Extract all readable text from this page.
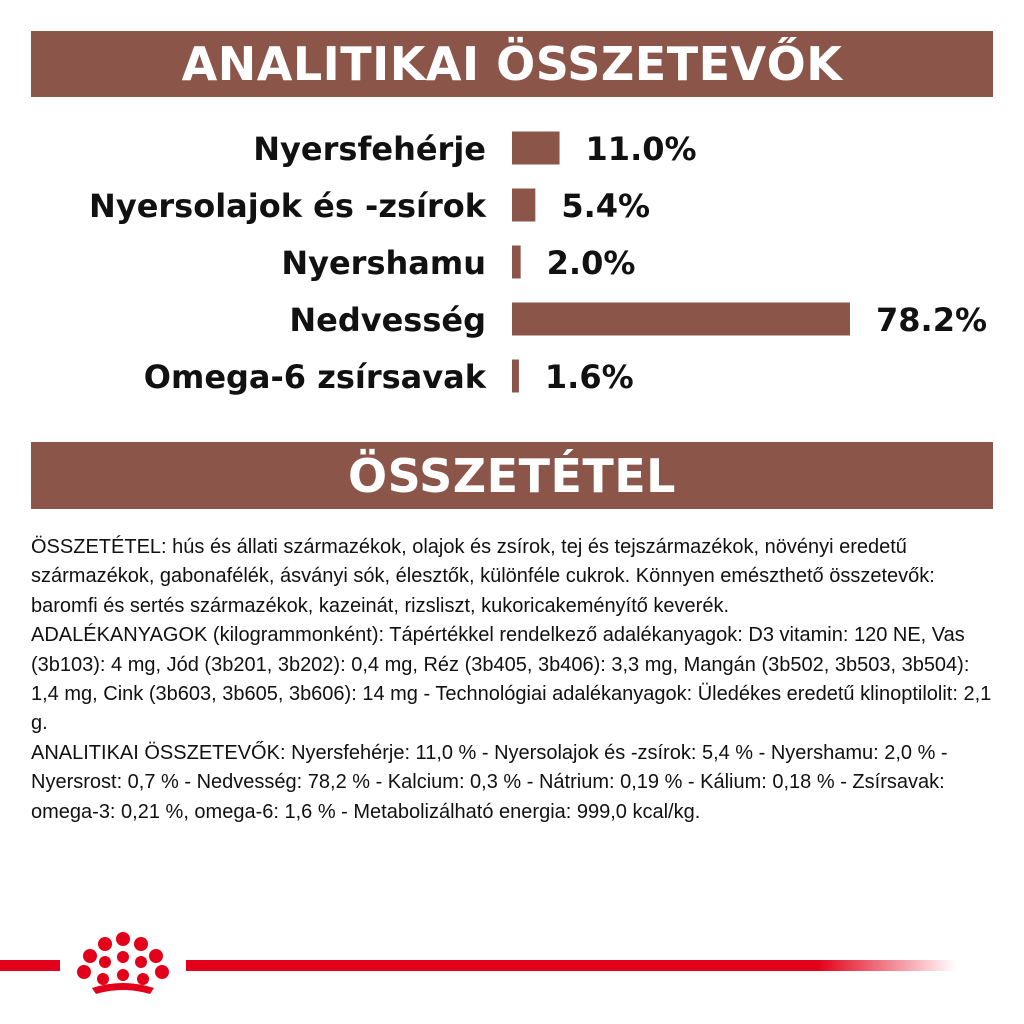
ANALITIKAI ÖSSZETEVŐK
Nyersfehérje	11.0%
Nyersolajok és -zsírok 5.4%
Nyershamu 2.0%
Nedvesség	78.2%
Omega-6 zsírsavak 1.6%
ÖSSZETÉTEL

ÖSSZETÉTEL: hús és állati származékok, olajok és zsírok, tej és tejszármazékok, növényi eredetű származékok, gabonafélék, ásványi sók, élesztők, különféle cukrok. Könnyen emészthető összetevők: baromfi és sertés származékok, kazeinát, rizsliszt, kukoricakeményítő keverék.

ADALÉKANYAGOK (kilogrammonként): Tápértékkel rendelkező adalékanyagok: D3 vitamin: 120 NE, Vas (3b103): 4 mg, Jód (3b201, 3b202): 0,4 mg, Réz (3b405, 3b406): 3,3 mg, Mangán (3b502, 3b503, 3b504): 1,4 mg, Cink (3b603, 3b605, 3b606): 14 mg - Technológiai adalékanyagok: Üledékes eredetű klinoptilolit: 2,1 g.

ANALITIKAI ÖSSZETEVŐK: Nyersfehérje: 11,0 % - Nyersolajok és -zsírok: 5,4 % - Nyershamu: 2,0 % - Nyersrost: 0,7 % - Nedvesség: 78,2 % - Kalcium: 0,3 % - Nátrium: 0,19 % - Kálium: 0,18 % - Zsírsavak: omega-3: 0,21 %, omega-6: 1,6 % - Metabolizálható energia: 999,0 kcal/kg.
